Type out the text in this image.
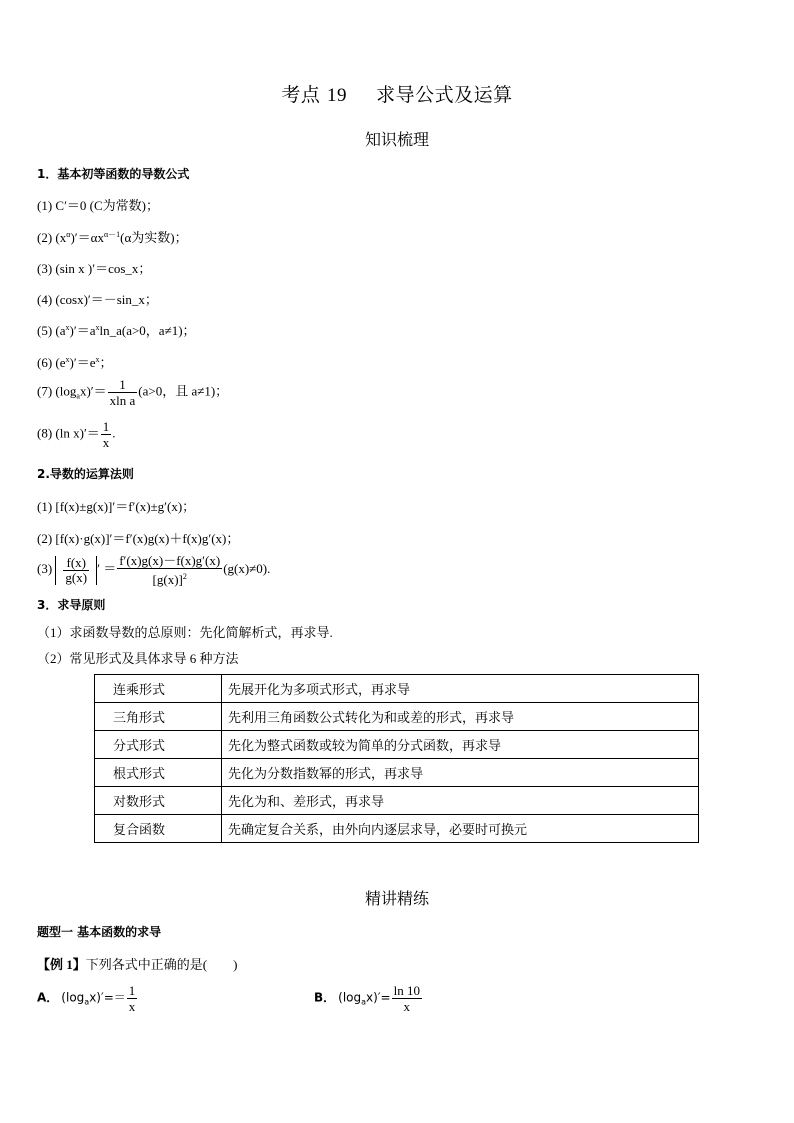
考点 19 求导公式及运算
知识梳理
1．基本初等函数的导数公式
(1) C′＝0 (C为常数)；
(2) $(x^\alpha)'=\alpha x^{\alpha-1}(\alpha$为实数)；
(3) (sin x )′＝cos_x；
(4) (cosx)′＝－sin_x；
(5) $(a^x)'=a^x\ln\_a(a>0$，a≠1)；
(6) $(e^x)'=e^x$；
(7) $(\log_ax)'= \frac{1}{\text{xln a}} (a>0$，且 a≠1)；
(8) (ln $x)'= \frac{1}{x}$ .
2.导数的运算法则
(1) [f(x)±g(x)]′＝f′(x)±g′(x)；
(2) [f(x)·g(x)]′＝f′(x)g(x)＋f(x)g′(x)；
$(3) \frac{f(x)}{g(x)}$ ′ ＝ $\frac{f'(x)g(x)-f(x)g'(x)}{[g(x)]^2} (g(x)\ne 0)$.
3．求导原则
（1）求函数导数的总原则：先化简解析式，再求导.
（2）常见形式及具体求导 6 种方法
连乘形式	先展开化为多项式形式，再求导
三角形式	先利用三角函数公式转化为和或差的形式，再求导
分式形式	先化为整式函数或较为简单的分式函数，再求导
根式形式	先化为分数指数幂的形式，再求导
对数形式	先化为和、差形式，再求导
复合函数	先确定复合关系，由外向内逐层求导，必要时可换元
精讲精练
题型一 基本函数的求导
【例 1】下列各式中正确的是(　　)
A． $(\log_ax)'== \frac{1}{x}$	B． $(\log_ax)'= \frac{\ln 10}{x}$
